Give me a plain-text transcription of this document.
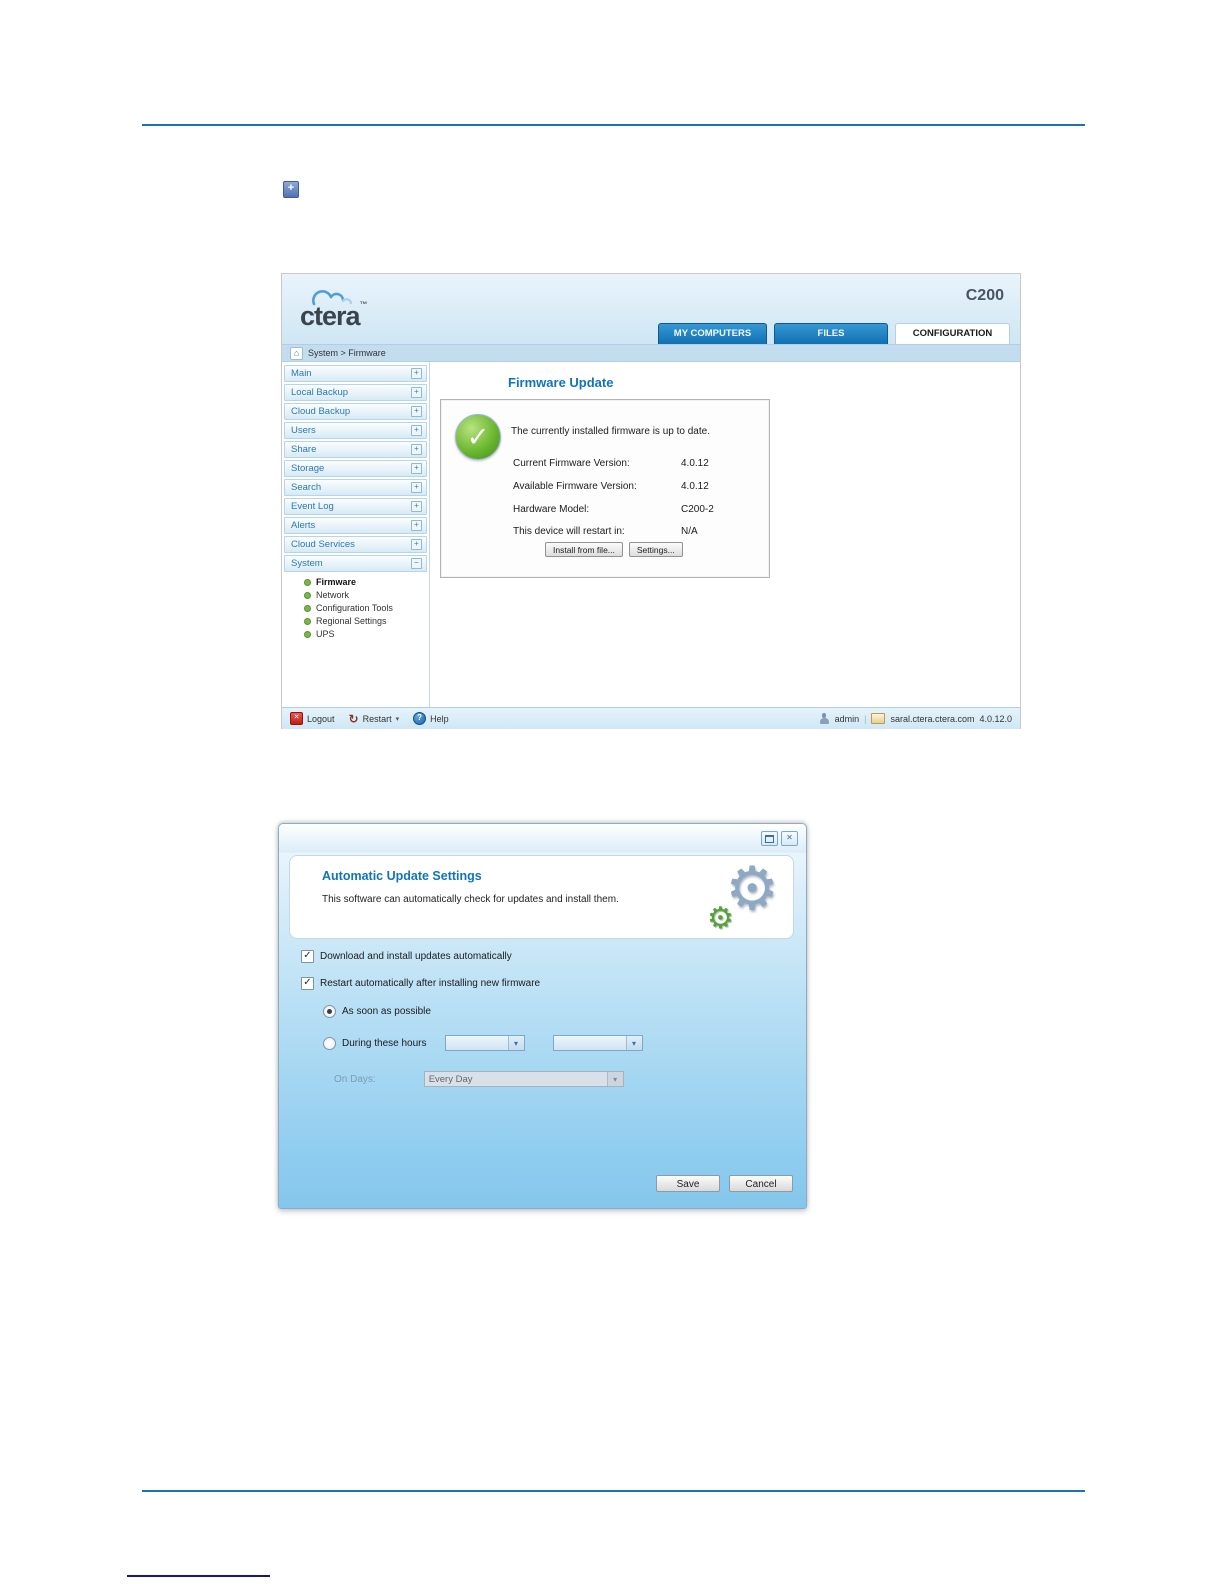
+
ctera™
C200
MY COMPUTERS	FILES	CONFIGURATION
⌂ System > Firmware
Main	+
Local Backup	+
Cloud Backup	+
Users	+
Share	+
Storage	+
Search	+
Event Log	+
Alerts	+
Cloud Services	+
System	−
Firmware
Network
Configuration Tools
Regional Settings
UPS
Firmware Update
✓	The currently installed firmware is up to date.
Current Firmware Version:	4.0.12
Available Firmware Version:	4.0.12
Hardware Model:	C200-2
This device will restart in:	N/A
Install from file...	Settings...
✕ Logout ↻ Restart ▾	? Help	admin |	saral.ctera.ctera.com 4.0.12.0
✕
Automatic Update Settings
This software can automatically check for updates and install them. ⚙
⚙
✓ Download and install updates automatically
✓ Restart automatically after installing new firmware
As soon as possible
During these hours	▾	▾
On Days:	Every Day	▾
Save	Cancel
